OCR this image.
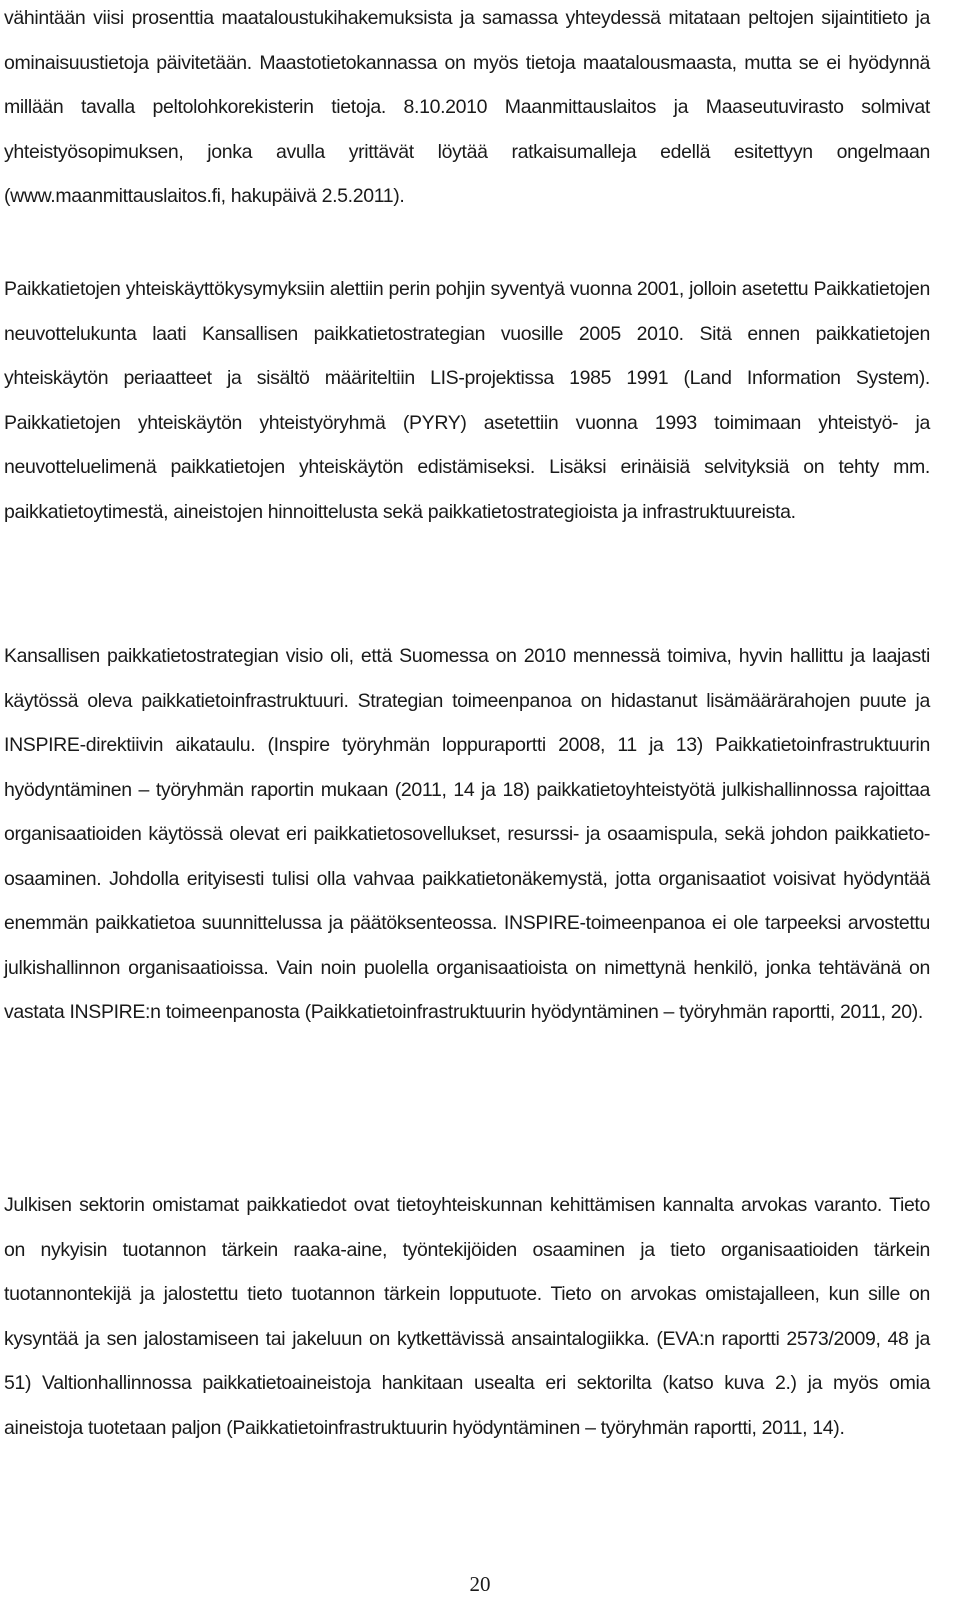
vähintään viisi prosenttia maataloustukihakemuksista ja samassa yhteydessä mitataan peltojen sijaintitieto ja ominaisuustietoja päivitetään. Maastotietokannassa on myös tietoja maatalousmaasta, mutta se ei hyödynnä millään tavalla peltolohkorekisterin tietoja. 8.10.2010 Maanmittauslaitos ja Maaseutuvirasto solmivat yhteistyösopimuksen, jonka avulla yrittävät löytää ratkaisumalleja edellä esitettyyn ongelmaan (www.maanmittauslaitos.fi, hakupäivä 2.5.2011).

Paikkatietojen yhteiskäyttökysymyksiin alettiin perin pohjin syventyä vuonna 2001, jolloin asetettu Paikkatietojen neuvottelukunta laati Kansallisen paikkatietostrategian vuosille 2005 2010. Sitä ennen paikkatietojen yhteiskäytön periaatteet ja sisältö määriteltiin LIS-projektissa 1985 1991 (Land Information System). Paikkatietojen yhteiskäytön yhteistyöryhmä (PYRY) asetettiin vuonna 1993 toimimaan yhteistyö- ja neuvotteluelimenä paikkatietojen yhteiskäytön edistämiseksi. Lisäksi erinäisiä selvityksiä on tehty mm. paikkatietoytimestä, aineistojen hinnoittelusta sekä paikkatietostrategioista ja infrastruktuureista.

Kansallisen paikkatietostrategian visio oli, että Suomessa on 2010 mennessä toimiva, hyvin hallittu ja laajasti käytössä oleva paikkatietoinfrastruktuuri. Strategian toimeenpanoa on hidastanut lisämäärärahojen puute ja INSPIRE-direktiivin aikataulu. (Inspire työryhmän loppuraportti 2008, 11 ja 13) Paikkatietoinfrastruktuurin hyödyntäminen – työryhmän raportin mukaan (2011, 14 ja 18) paikkatietoyhteistyötä julkishallinnossa rajoittaa organisaatioiden käytössä olevat eri paikkatietosovellukset, resurssi- ja osaamispula, sekä johdon paikkatieto-osaaminen. Johdolla erityisesti tulisi olla vahvaa paikkatietonäkemystä, jotta organisaatiot voisivat hyödyntää enemmän paikkatietoa suunnittelussa ja päätöksenteossa. INSPIRE-toimeenpanoa ei ole tarpeeksi arvostettu julkishallinnon organisaatioissa. Vain noin puolella organisaatioista on nimettynä henkilö, jonka tehtävänä on vastata INSPIRE:n toimeenpanosta (Paikkatietoinfrastruktuurin hyödyntäminen – työryhmän raportti, 2011, 20).

Julkisen sektorin omistamat paikkatiedot ovat tietoyhteiskunnan kehittämisen kannalta arvokas varanto. Tieto on nykyisin tuotannon tärkein raaka-aine, työntekijöiden osaaminen ja tieto organisaatioiden tärkein tuotannontekijä ja jalostettu tieto tuotannon tärkein lopputuote. Tieto on arvokas omistajalleen, kun sille on kysyntää ja sen jalostamiseen tai jakeluun on kytkettävissä ansaintalogiikka. (EVA:n raportti 2573/2009, 48 ja 51) Valtionhallinnossa paikkatietoaineistoja hankitaan usealta eri sektorilta (katso kuva 2.) ja myös omia aineistoja tuotetaan paljon (Paikkatietoinfrastruktuurin hyödyntäminen – työryhmän raportti, 2011, 14).

20
